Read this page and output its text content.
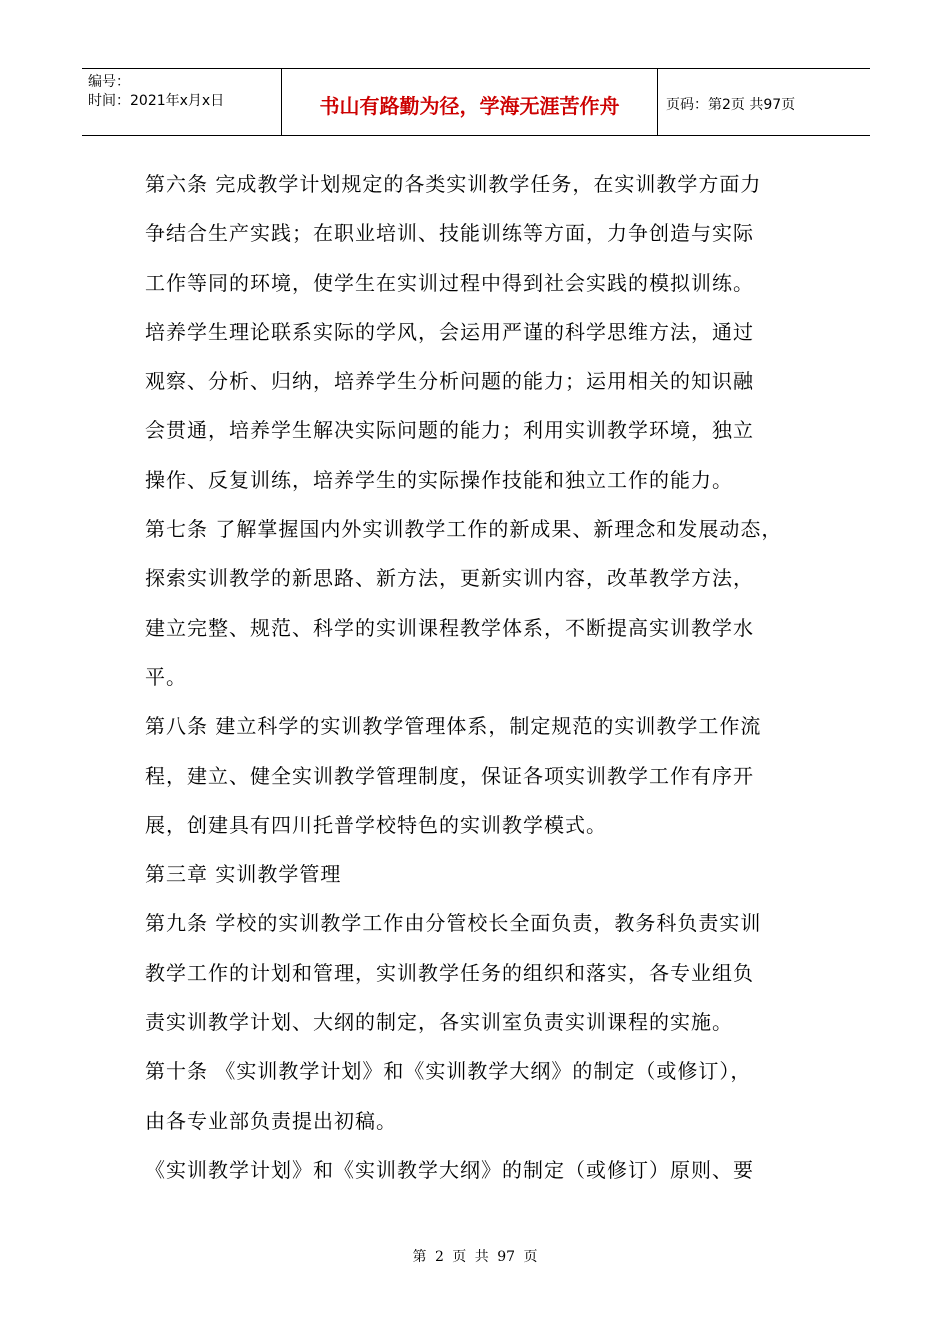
编号：
时间：2021年x月x日	书山有路勤为径，学海无涯苦作舟	页码：第2页 共97页
第六条 完成教学计划规定的各类实训教学任务，在实训教学方面力
争结合生产实践；在职业培训、技能训练等方面，力争创造与实际
工作等同的环境，使学生在实训过程中得到社会实践的模拟训练。
培养学生理论联系实际的学风，会运用严谨的科学思维方法，通过
观察、分析、归纳，培养学生分析问题的能力；运用相关的知识融
会贯通，培养学生解决实际问题的能力；利用实训教学环境，独立
操作、反复训练，培养学生的实际操作技能和独立工作的能力。
第七条 了解掌握国内外实训教学工作的新成果、新理念和发展动态，
探索实训教学的新思路、新方法，更新实训内容，改革教学方法，
建立完整、规范、科学的实训课程教学体系，不断提高实训教学水
平。
第八条 建立科学的实训教学管理体系，制定规范的实训教学工作流
程，建立、健全实训教学管理制度，保证各项实训教学工作有序开
展，创建具有四川托普学校特色的实训教学模式。
第三章 实训教学管理
第九条 学校的实训教学工作由分管校长全面负责，教务科负责实训
教学工作的计划和管理，实训教学任务的组织和落实，各专业组负
责实训教学计划、大纲的制定，各实训室负责实训课程的实施。
第十条 《实训教学计划》和《实训教学大纲》的制定（或修订），
由各专业部负责提出初稿。
《实训教学计划》和《实训教学大纲》的制定（或修订）原则、要
第 2 页 共 97 页
